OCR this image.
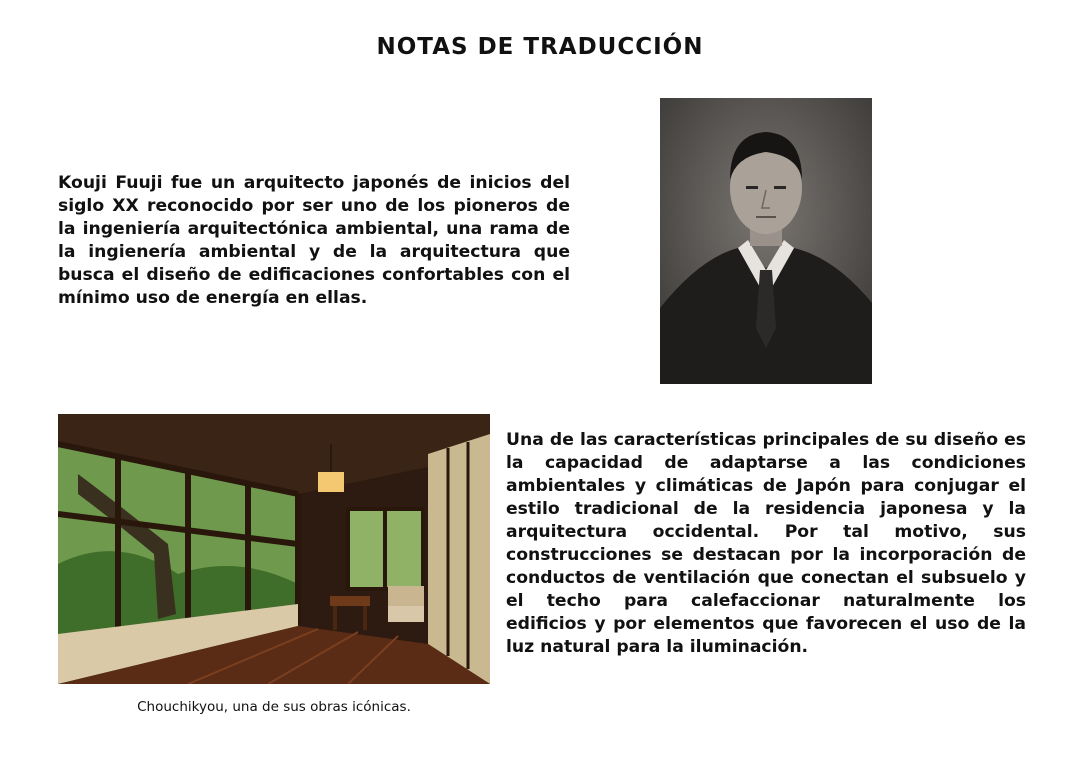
NOTAS DE TRADUCCIÓN
Kouji Fuuji fue un arquitecto japonés de inicios del siglo XX reconocido por ser uno de los pioneros de la ingeniería arquitectónica ambiental, una rama de la ingienería ambiental y de la arquitectura que busca el diseño de edificaciones confortables con el mínimo uso de energía en ellas.
Chouchikyou, una de sus obras icónicas.
Una de las características principales de su diseño es la capacidad de adaptarse a las condiciones ambientales y climáticas de Japón para conjugar el estilo tradicional de la residencia japonesa y la arquitectura occidental. Por tal motivo, sus construcciones se destacan por la incorporación de conductos de ventilación que conectan el subsuelo y el techo para calefaccionar naturalmente los edificios y por elementos que favorecen el uso de la luz natural para la iluminación.
